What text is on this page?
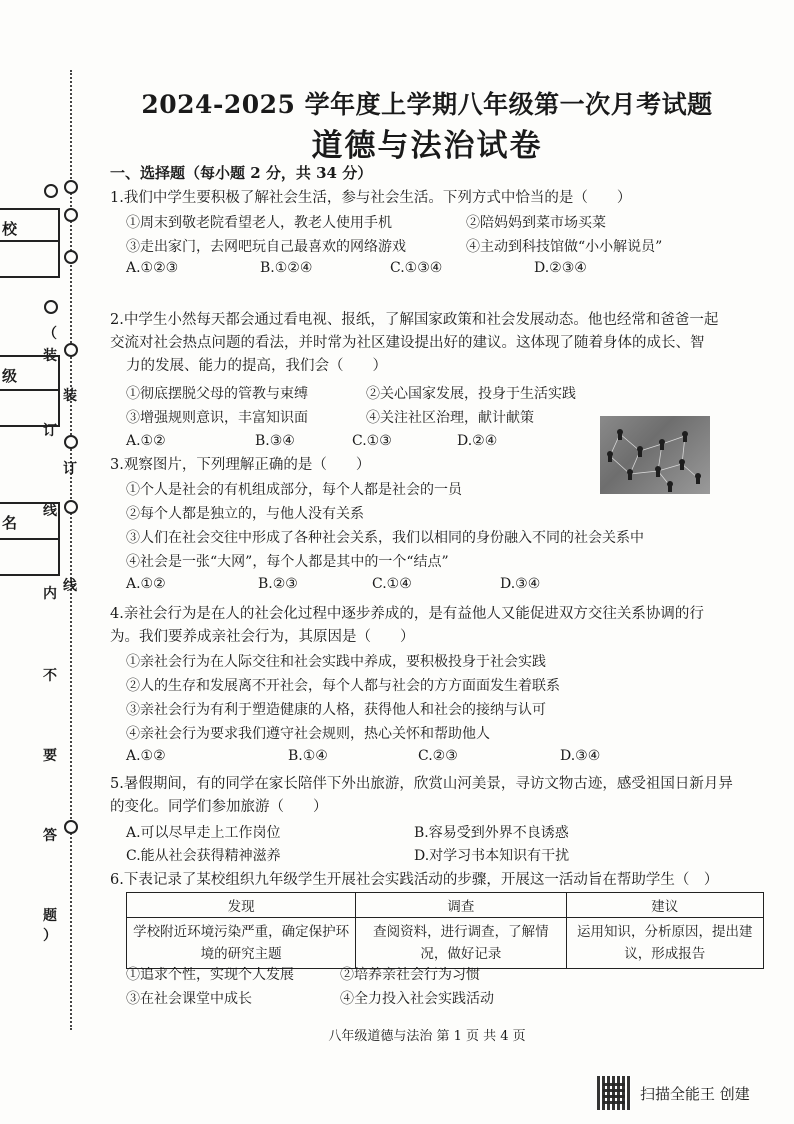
（
装
订
线
内
不
要
答
题
）
装
订
线
校
级
名
2024-2025 学年度上学期八年级第一次月考试题
道德与法治试卷
一、选择题（每小题 2 分，共 34 分）
1.我们中学生要积极了解社会生活，参与社会生活。下列方式中恰当的是（　　）
①周末到敬老院看望老人，教老人使用手机	②陪妈妈到菜市场买菜
③走出家门，去网吧玩自己最喜欢的网络游戏	④主动到科技馆做“小小解说员”
A.①②③	B.①②④	C.①③④	D.②③④
2.中学生小然每天都会通过看电视、报纸，了解国家政策和社会发展动态。他也经常和爸爸一起
交流对社会热点问题的看法，并时常为社区建设提出好的建议。这体现了随着身体的成长、智
力的发展、能力的提高，我们会（　　）
①彻底摆脱父母的管教与束缚	②关心国家发展，投身于生活实践
③增强规则意识，丰富知识面	④关注社区治理，献计献策
A.①②	B.③④	C.①③	D.②④
3.观察图片，下列理解正确的是（　　）
①个人是社会的有机组成部分，每个人都是社会的一员
②每个人都是独立的，与他人没有关系
③人们在社会交往中形成了各种社会关系，我们以相同的身份融入不同的社会关系中
④社会是一张“大网”，每个人都是其中的一个“结点”
A.①②	B.②③	C.①④	D.③④
4.亲社会行为是在人的社会化过程中逐步养成的，是有益他人又能促进双方交往关系协调的行
为。我们要养成亲社会行为，其原因是（　　）
①亲社会行为在人际交往和社会实践中养成，要积极投身于社会实践
②人的生存和发展离不开社会，每个人都与社会的方方面面发生着联系
③亲社会行为有利于塑造健康的人格，获得他人和社会的接纳与认可
④亲社会行为要求我们遵守社会规则，热心关怀和帮助他人
A.①②	B.①④	C.②③	D.③④
5.暑假期间，有的同学在家长陪伴下外出旅游，欣赏山河美景，寻访文物古迹，感受祖国日新月异
的变化。同学们参加旅游（　　）
A.可以尽早走上工作岗位	B.容易受到外界不良诱惑
C.能从社会获得精神滋养	D.对学习书本知识有干扰
6.下表记录了某校组织九年级学生开展社会实践活动的步骤，开展这一活动旨在帮助学生（　）
发现	调查	建议
学校附近环境污染严重，确定保护环境的研究主题	查阅资料，进行调查，了解情况，做好记录	运用知识，分析原因，提出建议，形成报告
①追求个性，实现个人发展	②培养亲社会行为习惯
③在社会课堂中成长	④全力投入社会实践活动
八年级道德与法治 第 1 页 共 4 页
扫描全能王 创建
